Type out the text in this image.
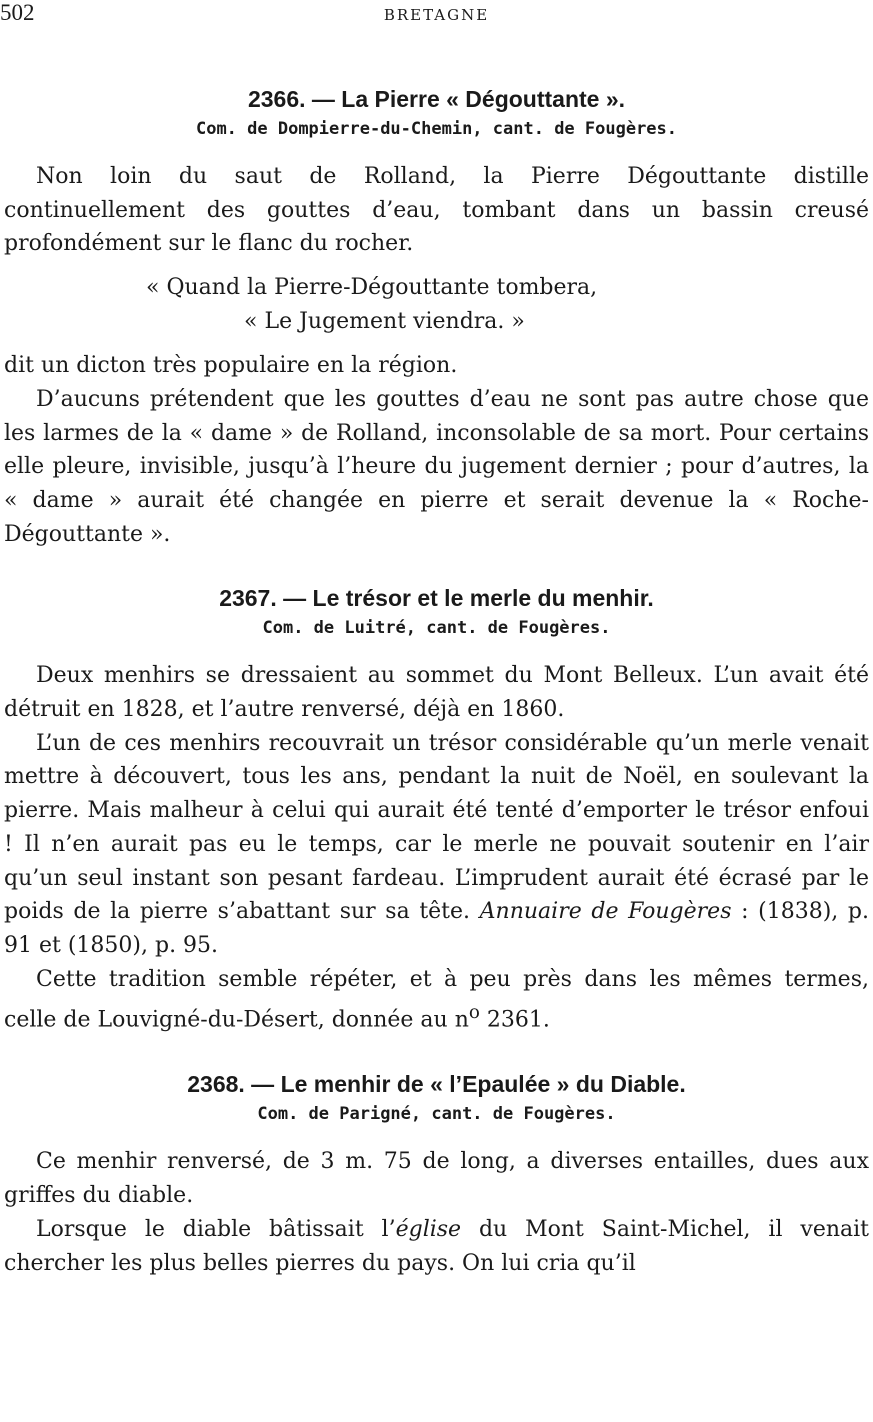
502	BRETAGNE
2366. — La Pierre « Dégouttante ».
Com. de Dompierre-du-Chemin, cant. de Fougères.

Non loin du saut de Rolland, la Pierre Dégouttante distille continuellement des gouttes d’eau, tombant dans un bassin creusé profondément sur le flanc du rocher.

« Quand la Pierre-Dégouttante tombera,

« Le Jugement viendra. »

dit un dicton très populaire en la région.

D’aucuns prétendent que les gouttes d’eau ne sont pas autre chose que les larmes de la « dame » de Rolland, inconsolable de sa mort. Pour certains elle pleure, invisible, jusqu’à l’heure du jugement dernier ; pour d’autres, la « dame » aurait été changée en pierre et serait devenue la « Roche-Dégouttante ».

2367. — Le trésor et le merle du menhir.
Com. de Luitré, cant. de Fougères.

Deux menhirs se dressaient au sommet du Mont Belleux. L’un avait été détruit en 1828, et l’autre renversé, déjà en 1860.

L’un de ces menhirs recouvrait un trésor considérable qu’un merle venait mettre à découvert, tous les ans, pendant la nuit de Noël, en soulevant la pierre. Mais malheur à celui qui aurait été tenté d’emporter le trésor enfoui ! Il n’en aurait pas eu le temps, car le merle ne pouvait soutenir en l’air qu’un seul instant son pesant fardeau. L’imprudent aurait été écrasé par le poids de la pierre s’abattant sur sa tête. Annuaire de Fougères : (1838), p. 91 et (1850), p. 95.

Cette tradition semble répéter, et à peu près dans les mêmes termes, celle de Louvigné-du-Désert, donnée au $n^o$ 2361.

2368. — Le menhir de « l’Epaulée » du Diable.
Com. de Parigné, cant. de Fougères.

Ce menhir renversé, de 3 m. 75 de long, a diverses entailles, dues aux griffes du diable.

Lorsque le diable bâtissait l’église du Mont Saint-Michel, il venait chercher les plus belles pierres du pays. On lui cria qu’il
